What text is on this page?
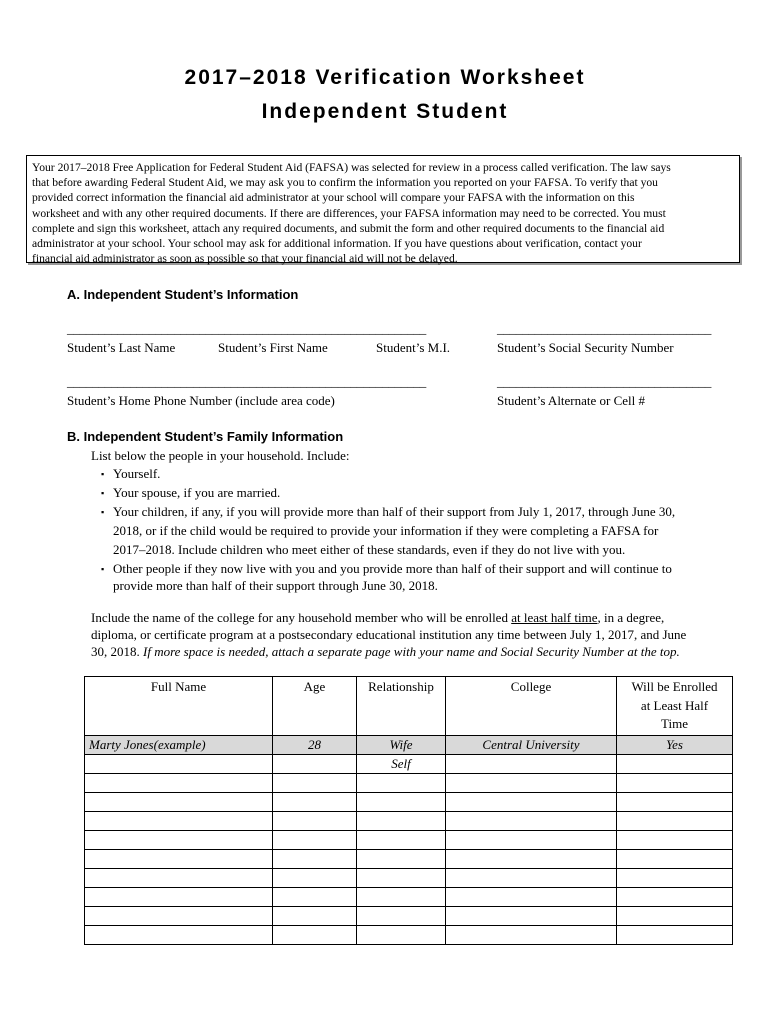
2017–2018 Verification Worksheet
Independent Student
Your 2017–2018 Free Application for Federal Student Aid (FAFSA) was selected for review in a process called verification. The law says
that before awarding Federal Student Aid, we may ask you to confirm the information you reported on your FAFSA. To verify that you
provided correct information the financial aid administrator at your school will compare your FAFSA with the information on this
worksheet and with any other required documents. If there are differences, your FAFSA information may need to be corrected. You must
complete and sign this worksheet, attach any required documents, and submit the form and other required documents to the financial aid
administrator at your school. Your school may ask for additional information. If you have questions about verification, contact your
financial aid administrator as soon as possible so that your financial aid will not be delayed.
A. Independent Student’s Information
_________________________________________________________	__________________________________
Student’s Last Name	Student’s First Name	Student’s M.I.	Student’s Social Security Number
_________________________________________________________	__________________________________
Student’s Home Phone Number (include area code)	Student’s Alternate or Cell #
B. Independent Student’s Family Information
List below the people in your household. Include:
▪ Yourself.
▪ Your spouse, if you are married.
▪ Your children, if any, if you will provide more than half of their support from July 1, 2017, through June 30,
2018, or if the child would be required to provide your information if they were completing a FAFSA for
2017–2018. Include children who meet either of these standards, even if they do not live with you.
▪ Other people if they now live with you and you provide more than half of their support and will continue to
provide more than half of their support through June 30, 2018.
Include the name of the college for any household member who will be enrolled at least half time, in a degree,
diploma, or certificate program at a postsecondary educational institution any time between July 1, 2017, and June
30, 2018. If more space is needed, attach a separate page with your name and Social Security Number at the top.
Full Name	Age	Relationship	College	Will be Enrolled
at Least Half
Time

Marty Jones(example)	28	Wife	Central University	Yes
		Self		
